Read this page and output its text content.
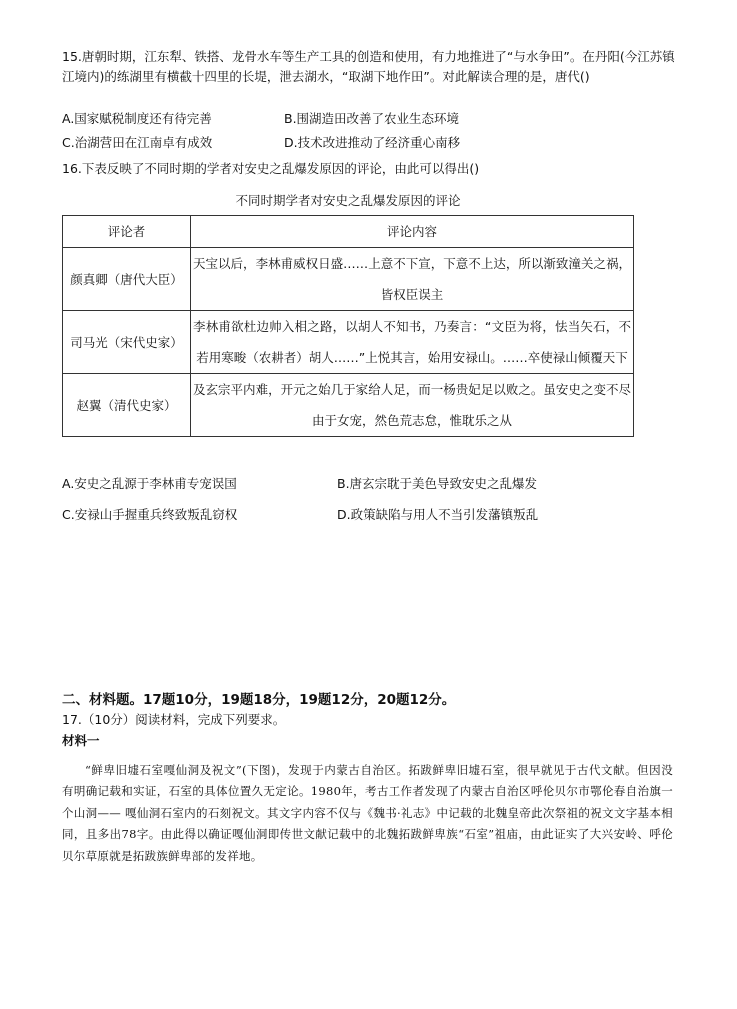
15.唐朝时期，江东犁、铁搭、龙骨水车等生产工具的创造和使用，有力地推进了“与水争田”。在丹阳(今江苏镇江境内)的练湖里有横截十四里的长堤，泄去湖水，“取湖下地作田”。对此解读合理的是，唐代()

A.国家赋税制度还有待完善	B.围湖造田改善了农业生态环境
C.治湖营田在江南卓有成效	D.技术改进推动了经济重心南移

16.下表反映了不同时期的学者对安史之乱爆发原因的评论，由此可以得出()

不同时期学者对安史之乱爆发原因的评论
评论者	评论内容
颜真卿（唐代大臣）	天宝以后，李林甫威权日盛……上意不下宣，下意不上达，所以渐致潼关之祸，皆权臣误主
司马光（宋代史家）	李林甫欲杜边帅入相之路，以胡人不知书，乃奏言：“文臣为将，怯当矢石，不若用寒畯（农耕者）胡人……”上悦其言，始用安禄山。……卒使禄山倾覆天下
赵翼（清代史家）	及玄宗平内难，开元之始几于家给人足，而一杨贵妃足以败之。虽安史之变不尽由于女宠，然色荒志怠，惟耽乐之从
A.安史之乱源于李林甫专宠误国	B.唐玄宗耽于美色导致安史之乱爆发
C.安禄山手握重兵终致叛乱窃权	D.政策缺陷与用人不当引发藩镇叛乱
二、材料题。17题10分，19题18分，19题12分，20题12分。

17.（10分）阅读材料，完成下列要求。

材料一

“鲜卑旧墟石室嘎仙洞及祝文”(下图)，发现于内蒙古自治区。拓跋鲜卑旧墟石室，很早就见于古代文献。但因没有明确记载和实证，石室的具体位置久无定论。1980年，考古工作者发现了内蒙古自治区呼伦贝尔市鄂伦春自治旗一个山洞—— 嘎仙洞石室内的石刻祝文。其文字内容不仅与《魏书·礼志》中记载的北魏皇帝此次祭祖的祝文文字基本相同，且多出78字。由此得以确证嘎仙洞即传世文献记载中的北魏拓跋鲜卑族“石室”祖庙，由此证实了大兴安岭、呼伦贝尔草原就是拓跋族鲜卑部的发祥地。
